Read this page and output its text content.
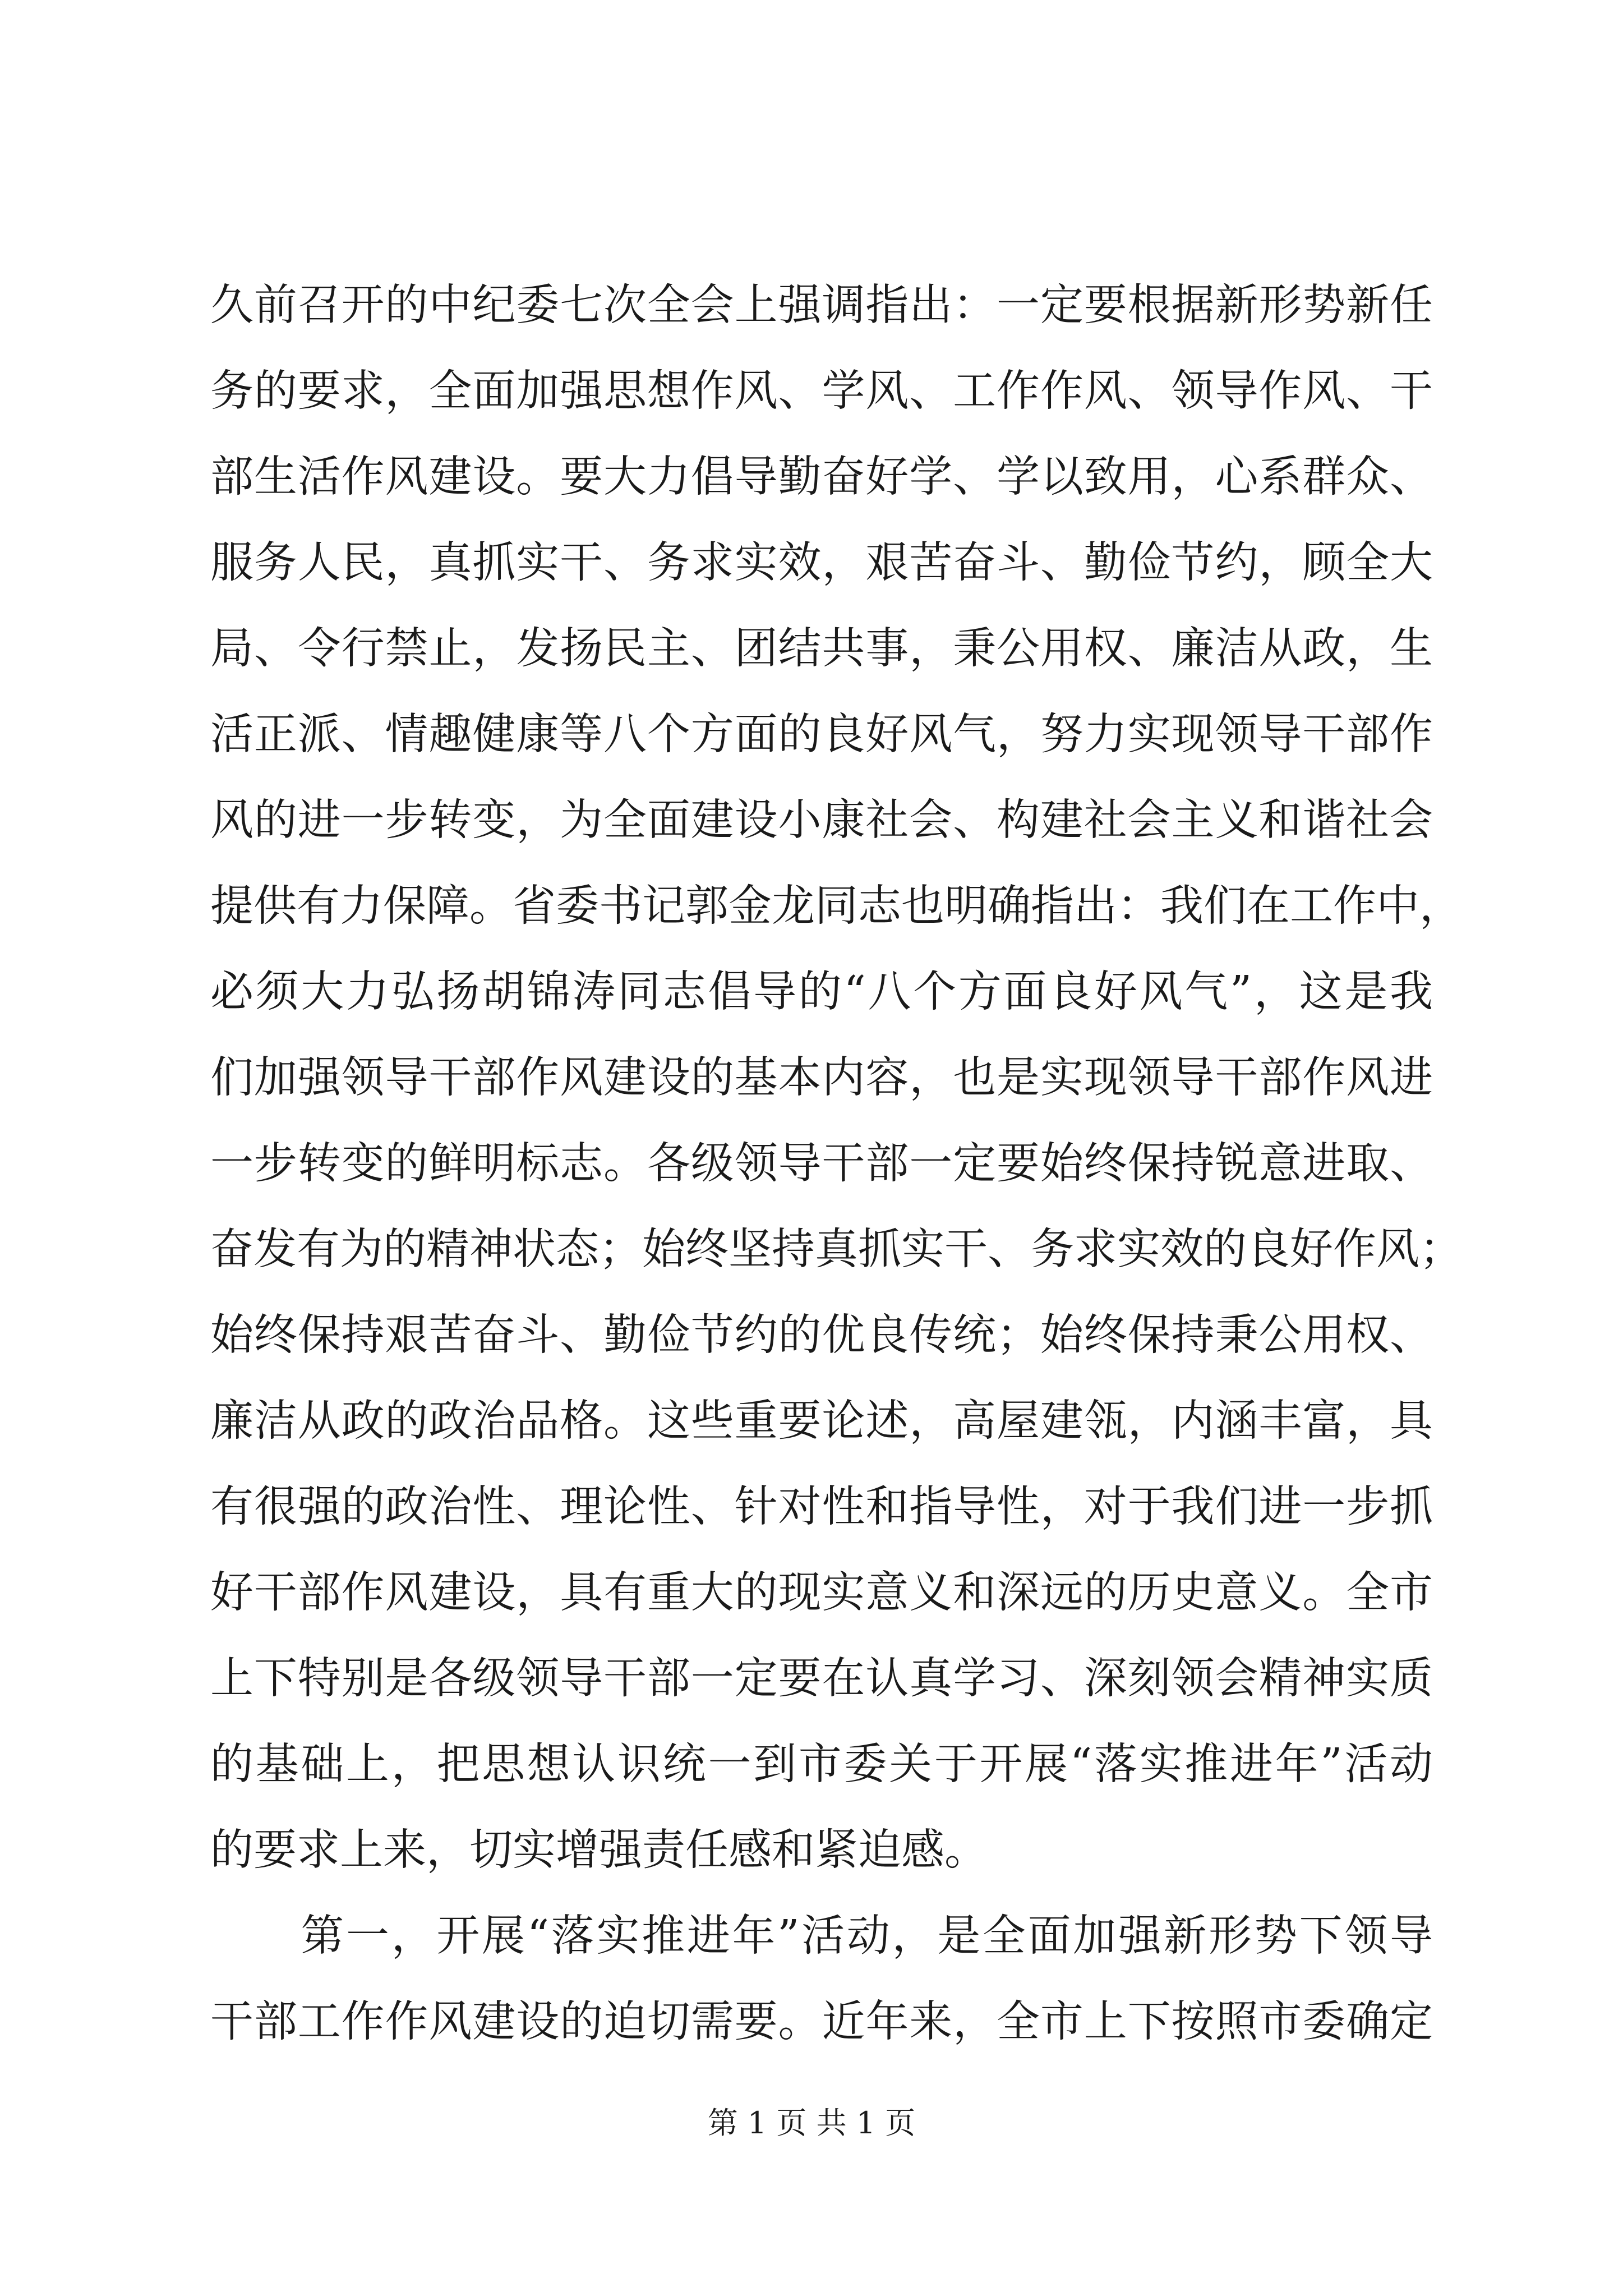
久前召开的中纪委七次全会上强调指出：一定要根据新形势新任
务的要求，全面加强思想作风、学风、工作作风、领导作风、干
部生活作风建设。要大力倡导勤奋好学、学以致用，心系群众、
服务人民，真抓实干、务求实效，艰苦奋斗、勤俭节约，顾全大
局、令行禁止，发扬民主、团结共事，秉公用权、廉洁从政，生
活正派、情趣健康等八个方面的良好风气，努力实现领导干部作
风的进一步转变，为全面建设小康社会、构建社会主义和谐社会
提供有力保障。省委书记郭金龙同志也明确指出：我们在工作中，
必须大力弘扬胡锦涛同志倡导的“八个方面良好风气”，这是我
们加强领导干部作风建设的基本内容，也是实现领导干部作风进
一步转变的鲜明标志。各级领导干部一定要始终保持锐意进取、
奋发有为的精神状态；始终坚持真抓实干、务求实效的良好作风；
始终保持艰苦奋斗、勤俭节约的优良传统；始终保持秉公用权、
廉洁从政的政治品格。这些重要论述，高屋建瓴，内涵丰富，具
有很强的政治性、理论性、针对性和指导性，对于我们进一步抓
好干部作风建设，具有重大的现实意义和深远的历史意义。全市
上下特别是各级领导干部一定要在认真学习、深刻领会精神实质
的基础上，把思想认识统一到市委关于开展“落实推进年”活动
的要求上来，切实增强责任感和紧迫感。
　　第一，开展“落实推进年”活动，是全面加强新形势下领导
干部工作作风建设的迫切需要。近年来，全市上下按照市委确定
第 1 页 共 1 页
